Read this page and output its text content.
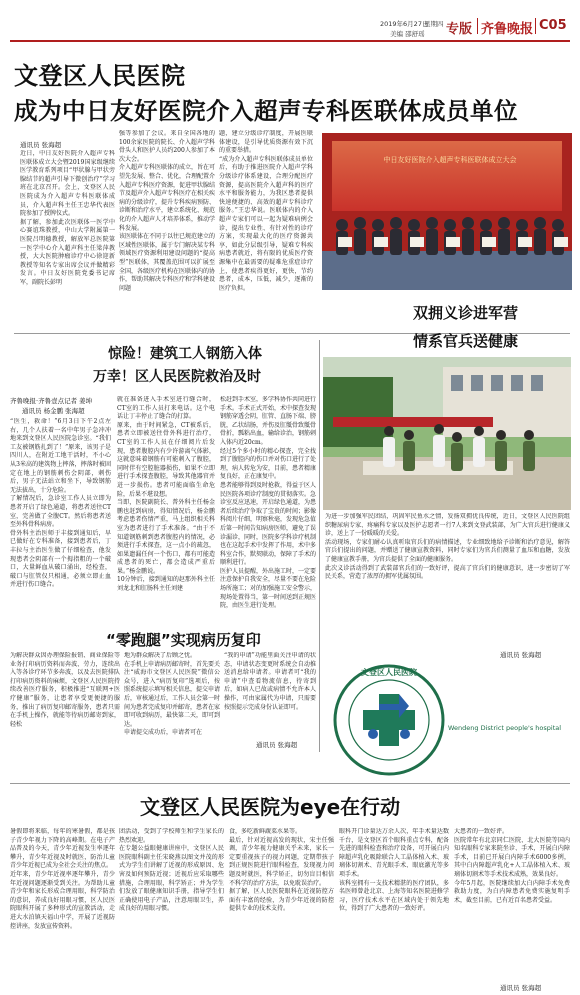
2019年6月27日
星期四
美编 邵舒瑶 专版 齐鲁晚报 C05
文登区人民医院
成为中日友好医院介入超声专科医联体成员单位
通讯员 张海超
近日，中日友好医院介入超声专科医联体成立大会暨2019国家级继续医学教育系列项目“甲状腺与甲状旁腺结节的超声引导下微创治疗”学习班在北京召开。会上，文登区人民医院成为介入超声专科医联体成员，介入超声科主任王忠华代表医院参加了授牌仪式。
据了解，参加此次医联体一医学中心赛谊珠教授，中山大学附属第一医院吕明德教授，解放军总医院第一医学中心介入超声科主任梁萍教授，大大医院肿瘤诊疗中心徐迎新教授等知名专家出席会议并做精彩发言。中日友好医院党委书记席军，副院长彭明
强等参加了会议。来自全国各地的100余家医院的院长、介入超声学科骨头人和医护人员约200人参加了本次大会。
介入超声专科医联体的成立，旨在可望先发展、整合、优化，合理配置介入超声专科医疗资源，促进甲状腺结节及超声介入超声专科医疗在相关疾病的分级诊疗，提升专科疾病预防、诊断和治疗水平，建立系统化、规范化的介入超声人才培养体系，推动学科发展。
该医联体在不同于以往已规范建立的区域性医联体，属于专门解决某专科领域医疗资源利用建设问题的“提高型”医联体，其覆盖范围可以扩展至全国，各级医疗机构在医联体内的协作，帮助其解决专科医疗和学科建设问题
题，建立分级诊疗制度，开展医联体建设，是引导优质资源有效下沉的重要举措。
“成为介入超声专科医联体成员单位后，有助于推进医院介入超声学科分级诊疗体系建设，合理分配医疗资源，提高医院介入超声科的医疗水平和服务能力，为我区患者提供快速便捷的、高效的超声专科诊疗服务。”王忠华说。医联体内的介入超声专家们可以一起为疑难病例会诊，提出专业性、有针对性的诊疗方案，实现最大化的医疗资源共享，如此分层级引导，疑难专科疾病患者就近，将有限的优质医疗资源集中在最需要的疑难危重症诊疗上，使患者疾得更好，更快，节约患者，成本，压低，减少，逐渐的医疗负担。
中日友好医院介入超声专科医联体成立大会
惊险！建筑工人钢筋入体
万幸！区人民医院救治及时
齐鲁晚报·齐鲁壹点记者 姜坤
通讯员 杨金鹏 张海超
“医生，救命！”6月3日下午2点左右，几个人扶着一名中年男子急冲冲地来到文登区人民医院急诊室。“我们工友被钢筋扎到了！”原来，该男子是四川人，在附近工地干活时，不小心从3米高的建筑物上摔落，摔落时被固定在地上的钢筋刺伤会阴部，刺伤后，男子无法站立和坐下，导致钢筋无法拔出，十分危险。
了解情况后，急诊室工作人员立即为患者开启了绿色通道，将患者送往CT室，完善做了全腹CT。然后将患者送至外科骨科病房。
骨外科主治医师于丰接到通知后，早已做好在专科准备，接到患者后，丁丰拉与主治医生做了仔细检查，他发现患者会阴部有一个拇指粗的一个破口，大量鲜血从破口涌出，经检查，破口与肛管仅只相通，必须立即止血并进行伤口缝合。
就在准备进入手术室进行缝合时，CT室的工作人员打来电话。这个电话让丁丰停止了缝合的打算。
原来，由于时间紧急，CT被系后，患者立即被送往骨外科进行治疗，CT室的工作人员在仔细阅片后发现，患者腹腔内有少许游离气体影，这就意味着钢筋有可能刺入了腹腔，同时伴有空腔脏器损伤，如果不立即进行手术探查腹腔，导致其他器官并迸一步损伤。患者可能面临生命危险，后果不堪设想。
当即，医院副院长、普外科主任杨金鹏也赶到病房，得知情况后，杨金鹏考虑患者伤情严重，马上组织相关科室为患者进行了手术准备。“由于不知道钢筋刺到患者腹腔内的情况，必须进行手术探查，这一点小的疏忽，如果遗漏任何一个伤口，都有可能造成患者的死亡，都会造成严重后果。”杨金鹏说。
10分钟后，接到通知的赵那外科主任刘龙北和肛肠科主任刘建
松赶到手术室，多学科协作共同进行手术。手术正式开始，术中探查发现钢筋穿透会阴，肛管、直肠下端、膀胱，乙状结肠，并伤及肛骶骨致骶骨骨折，瓢粘出血，输给诊治，钢筋刺入体内近20cm。
经过5个多小时的精心探查，完全找到了腹腔内的伤口并对伤口进行了处理，病人转危为安，目前，患者精康复良好，正在康复中。
患者能够得到及时抢救，得益于区人民医院各项诊疗制度的贯彻落实。急诊室反应迅速，开启绿色通道，为患者后续治疗争取了宝贵的时间；影像科阅片仔细，明察秋毫，发现危急值后第一时间告知病房医师，避免了误诊漏诊，同时，医院多学科诊疗机制也在这起手术中发挥了作用，术中多科室合作，默契联动，保障了手术的顺利进行。
医护人员提醒，外出施工时，一定要注意保护自我安全，尽量不要在危险场所施工；对的加强施工安全警示，现场处置得当，第一时间送到正规医院，由医生进行处理。
“零跑腿”实现病历复印
为解决群众因办理保险报销、商业保险等业务打印病历资料而奔波、劳力，连续出入等各诊疗环节多奔波，以及去医院排队打印病历资料的麻烦，文登区人民医院持续改善医疗服务，积极推进“互联网+医疗健康”服务，让患者享受更便捷的服务，推出了病历复印邮寄服务，患者只需在手机上操作，就能等待病历邮寄到家，轻松
地为群众解决了后顾之忧。
在手机上申请病历邮寄时，首先要关注“威海市文登区人民医院”微信公众号，进入“病历复印”选项后，按照系统提示填写相关信息，提交申请后，审核通过后，工作人员会第一时间为患者完成复印并邮寄，患者在家即可收到病历，最快第二天，即可到达。
申请提交成功后，申请者可在
“我的申请”功能里面关注申请的状态，申请状态变更时系统会自动推送消息给申请者。申请者可“我的申请”中查看物流信息，待寄到后，如病人已故或病情不允许本人操作，可由家属代为申请，只需要按照提示完成身份认证即可。
通讯员 张海超
双拥义诊进军营
情系官兵送健康
为进一步加强军民团结，巩固军民鱼水之情，发扬双拥优良传统，近日，文登区人民医院组织糖尿病专家、疼痛科专家以及医护志愿者一行7人来到文登武装部，为广大官兵进行健康义诊，送上了一份暖暖的关爱。
活动现场，专家们耐心认真听取官兵们的病情描述，专业细致地给予诊断和治疗意见，解答官兵们提出的问题，并赠送了健康宣教资料，同时专家们为官兵们测量了血压和血糖，发放了健康宣教手册，为官兵提供了全面的健康服务。
此次义诊活动得到了武装部官兵们的一致好评，提高了官兵们的健康意识，进一步密切了军民关系，营造了浓厚的拥军优属氛围。
通讯员 张海超
文登区人民医院
Wendeng District people's hospital
文登区人民医院为eye在行动
暑假即将来临，每年的寒暑假，都是孩子青少年视力下降的高峰期。在电子产品普及的今天，青少年近视发生率逐年攀升，青少年近视及时就医，防治儿童青少年近视已成为全社会关注的焦点。
近年来，青少年近视率逐年攀升，青少年近视问题逐渐受到关注。为帮助儿童青少年和家长形成合理用眼，科学防治的意识，养成良好用眼习惯，区人民医院眼科开展了多种形式的宣教活动，走进大水泊镇天福山中学，开展了近视防控讲座，发放宣传资料。
团活动，受到了学校师生和学生家长的热烈欢迎。
在专题公益眼健康讲座中，文登区人民医院眼科副主任宋晓燕以图文并茂的形式为学生们讲解了近视的形成原因、危害及如何预防近视；近视后应采取哪些措施，合理用眼，科学矫正；并为学生们发放了眼健康知识手册，指导学生们正确使用电子产品，注意用眼卫生，养成良好的用眼习惯。
食，多吃新鲜蔬菜水果等。
最后，针对近视高发的现状，宋主任强调，青少年视力健康关乎未来，家长一定要重视孩子的视力问题，定期带孩子到正规医院进行眼科检查，发现视力问题及时就医，科学矫正，切勿盲目相信不科学的治疗方法，以免耽误治疗。
据了解，区人民医院眼科在近视防控方面有丰富的经验，为青少年近视的防控提供专业的技术支持。
眼科开门诊量达万余人次，年手术量达数千台，是文登区首个眼科重点专科，配备先进的眼科检查和治疗设备，可开展白内障超声乳化吸除联合人工晶体植入术、玻璃体切割术、青光眼手术、眼底激光等多项手术。
该科室拥有一支技术精湛的医疗团队，多名医师曾赴北京、上海等知名医院进修学习，医疗技术水平在区域内处于领先地位，得到了广大患者的一致好评。
大患者的一致好评。
医院常年有北京同仁医院、北大医院等国内知名眼科专家来院坐诊、手术，开展白内障手术，目前已开展白内障手术6000多例，其中白内障超声乳化+人工晶体植入术、玻璃体切割术等手术技术成熟，效果良好。
今年5月起，医院继续加大白内障手术免费救助力度，为白内障患者免费实施复明手术，截至目前，已有近百名患者受益。
通讯员 张海超
